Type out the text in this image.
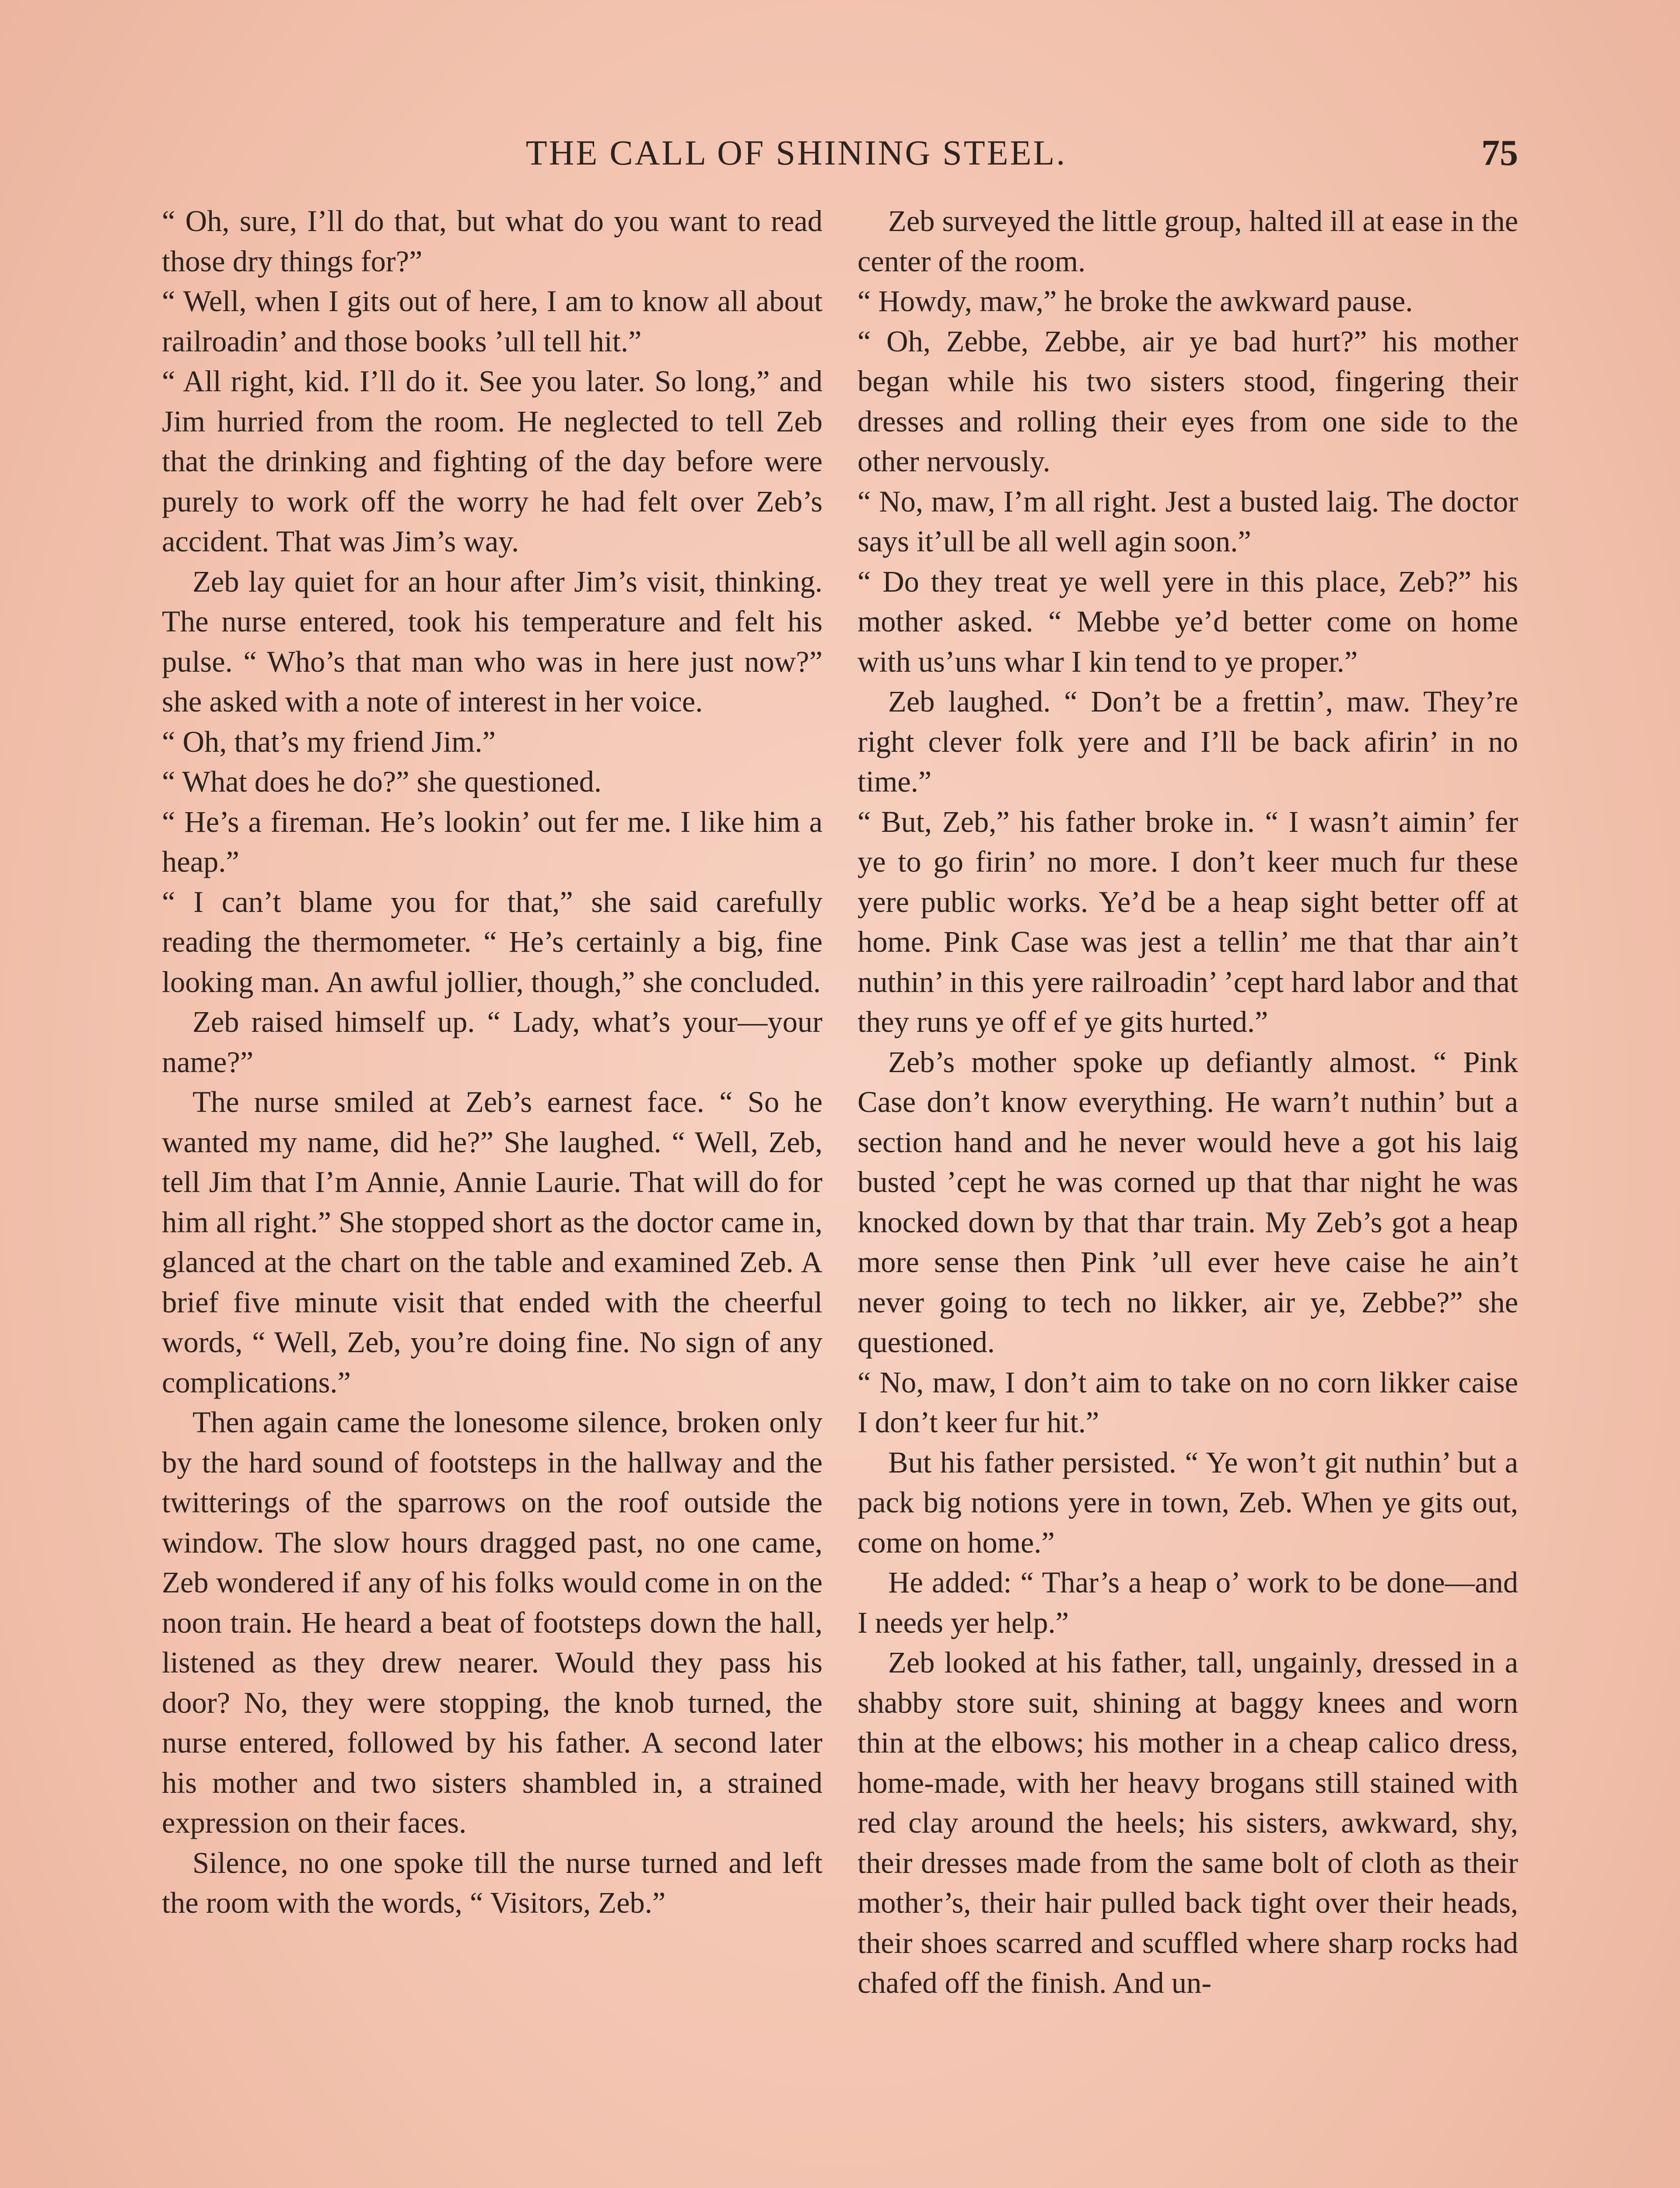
THE CALL OF SHINING STEEL.	75

“ Oh, sure, I’ll do that, but what do you want to read those dry things for?”

“ Well, when I gits out of here, I am to know all about railroadin’ and those books ’ull tell hit.”

“ All right, kid. I’ll do it. See you later. So long,” and Jim hurried from the room. He neglected to tell Zeb that the drinking and fighting of the day before were purely to work off the worry he had felt over Zeb’s accident. That was Jim’s way.

Zeb lay quiet for an hour after Jim’s visit, thinking. The nurse entered, took his temperature and felt his pulse. “ Who’s that man who was in here just now?” she asked with a note of interest in her voice.

“ Oh, that’s my friend Jim.”

“ What does he do?” she questioned.

“ He’s a fireman. He’s lookin’ out fer me. I like him a heap.”

“ I can’t blame you for that,” she said carefully reading the thermometer. “ He’s certainly a big, fine looking man. An awful jollier, though,” she concluded.

Zeb raised himself up. “ Lady, what’s your––your name?”

The nurse smiled at Zeb’s earnest face. “ So he wanted my name, did he?” She laughed. “ Well, Zeb, tell Jim that I’m Annie, Annie Laurie. That will do for him all right.” She stopped short as the doctor came in, glanced at the chart on the table and examined Zeb. A brief five minute visit that ended with the cheerful words, “ Well, Zeb, you’re doing fine. No sign of any complications.”

Then again came the lonesome silence, broken only by the hard sound of footsteps in the hallway and the twitterings of the sparrows on the roof outside the window. The slow hours dragged past, no one came, Zeb wondered if any of his folks would come in on the noon train. He heard a beat of footsteps down the hall, listened as they drew nearer. Would they pass his door? No, they were stopping, the knob turned, the nurse entered, followed by his father. A second later his mother and two sisters shambled in, a strained expression on their faces.

Silence, no one spoke till the nurse turned and left the room with the words, “ Visitors, Zeb.”

Zeb surveyed the little group, halted ill at ease in the center of the room.

“ Howdy, maw,” he broke the awkward pause.

“ Oh, Zebbe, Zebbe, air ye bad hurt?” his mother began while his two sisters stood, fingering their dresses and rolling their eyes from one side to the other nervously.

“ No, maw, I’m all right. Jest a busted laig. The doctor says it’ull be all well agin soon.”

“ Do they treat ye well yere in this place, Zeb?” his mother asked. “ Mebbe ye’d better come on home with us’uns whar I kin tend to ye proper.”

Zeb laughed. “ Don’t be a frettin’, maw. They’re right clever folk yere and I’ll be back afirin’ in no time.”

“ But, Zeb,” his father broke in. “ I wasn’t aimin’ fer ye to go firin’ no more. I don’t keer much fur these yere public works. Ye’d be a heap sight better off at home. Pink Case was jest a tellin’ me that thar ain’t nuthin’ in this yere railroadin’ ’cept hard labor and that they runs ye off ef ye gits hurted.”

Zeb’s mother spoke up defiantly almost. “ Pink Case don’t know everything. He warn’t nuthin’ but a section hand and he never would heve a got his laig busted ’cept he was corned up that thar night he was knocked down by that thar train. My Zeb’s got a heap more sense then Pink ’ull ever heve caise he ain’t never going to tech no likker, air ye, Zebbe?” she questioned.

“ No, maw, I don’t aim to take on no corn likker caise I don’t keer fur hit.”

But his father persisted. “ Ye won’t git nuthin’ but a pack big notions yere in town, Zeb. When ye gits out, come on home.”

He added: “ Thar’s a heap o’ work to be done—and I needs yer help.”

Zeb looked at his father, tall, ungainly, dressed in a shabby store suit, shining at baggy knees and worn thin at the elbows; his mother in a cheap calico dress, home-made, with her heavy brogans still stained with red clay around the heels; his sisters, awkward, shy, their dresses made from the same bolt of cloth as their mother’s, their hair pulled back tight over their heads, their shoes scarred and scuffled where sharp rocks had chafed off the finish. And un-
